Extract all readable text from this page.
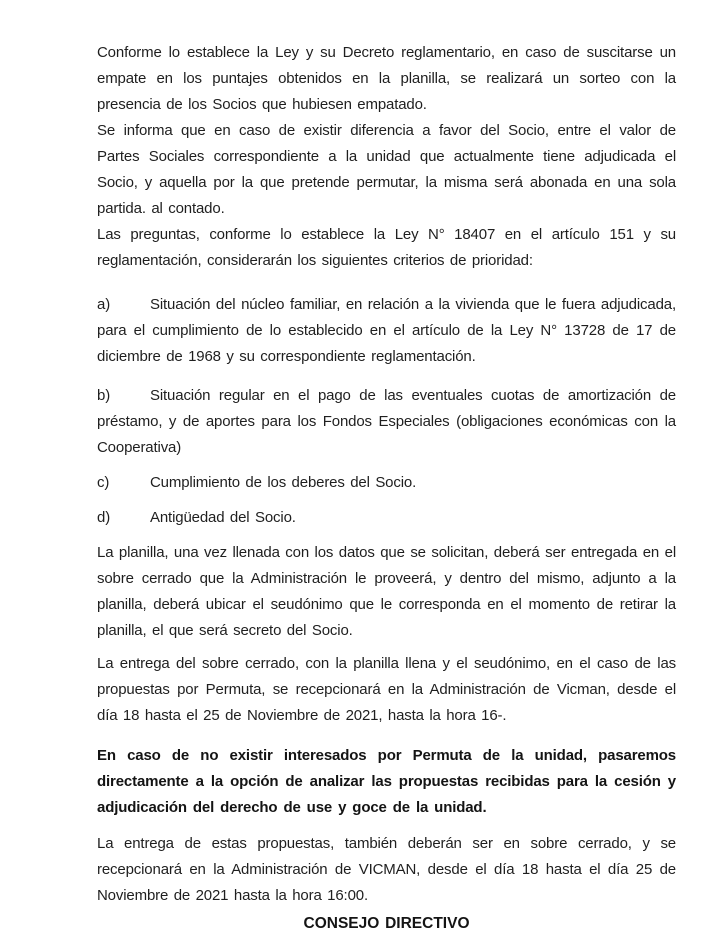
Conforme lo establece la Ley y su Decreto reglamentario, en caso de suscitarse un empate en los puntajes obtenidos en la planilla, se realizará un sorteo con la presencia de los Socios que hubiesen empatado.

Se informa que en caso de existir diferencia a favor del Socio, entre el valor de Partes Sociales correspondiente a la unidad que actualmente tiene adjudicada el Socio, y aquella por la que pretende permutar, la misma será abonada en una sola partida. al contado.

Las preguntas, conforme lo establece la Ley N° 18407 en el artículo 151 y su reglamentación, considerarán los siguientes criterios de prioridad:

a)	Situación del núcleo familiar, en relación a la vivienda que le fuera adjudicada, para el cumplimiento de lo establecido en el artículo de la Ley N° 13728 de 17 de diciembre de 1968 y su correspondiente reglamentación.

b)	Situación regular en el pago de las eventuales cuotas de amortización de préstamo, y de aportes para los Fondos Especiales (obligaciones económicas con la Cooperativa)

c)	Cumplimiento de los deberes del Socio.

d)	Antigüedad del Socio.

La planilla, una vez llenada con los datos que se solicitan, deberá ser entregada en el sobre cerrado que la Administración le proveerá, y dentro del mismo, adjunto a la planilla, deberá ubicar el seudónimo que le corresponda en el momento de retirar la planilla, el que será secreto del Socio.

La entrega del sobre cerrado, con la planilla llena y el seudónimo, en el caso de las propuestas por Permuta, se recepcionará en la Administración de Vicman, desde el día 18 hasta el 25 de Noviembre de 2021, hasta la hora 16-.

En caso de no existir interesados por Permuta de la unidad, pasaremos directamente a la opción de analizar las propuestas recibidas para la cesión y adjudicación del derecho de use y goce de la unidad.

La entrega de estas propuestas, también deberán ser en sobre cerrado, y se recepcionará en la Administración de VICMAN, desde el día 18 hasta el día 25 de Noviembre de 2021 hasta la hora 16:00.

CONSEJO DIRECTIVO
